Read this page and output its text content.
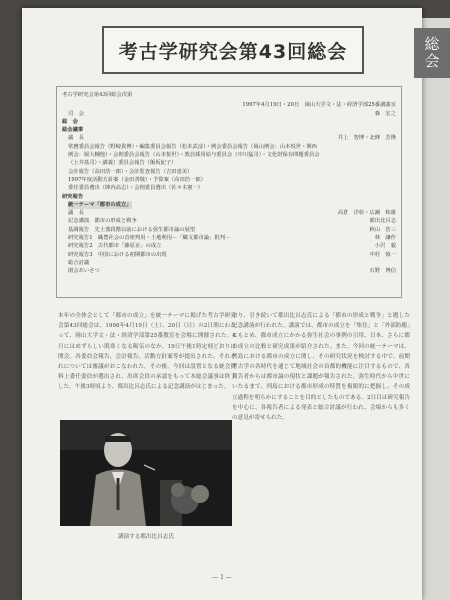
考古学研究会第43回総会
考古学研究会第43回総会次第
1997年4月19日・20日　岡山大学文・法・経済学部25番講義室
司　会	森　宏之
総　会
総会議事
議　長	井上　智博・北條　芳隆
常務委員会報告（野崎貴博）・編集委員会報告（松本武彦）・例会委員会報告（岡山例会：山本悦世・関西
例会：堀大輔他）・会則委員会報告（山本悦世）・教員採用給与委員会（中川猛司）・文化財保存問題委員会
（土井基司）・講義）委員会報告（飯坂紀子）
会計報告（高田浩一郎）・会計監査報告（吉田恵美）
1997年度活動方針案（金田善敬）・予算案（高田浩一郎）
委任委員選出（陣内高志）・会則委員選出（佐々木憲一）
研究報告
統一テーマ「都市の成立」
議　長	高倉　洋彰・広瀬　和雄
記念講演　都市の形成と戦争	都出比呂志
基調報告　先土器段階以前における弥生都市論の展望	秋山　浩三
研究報告1　織豊社会の首座判用・土地利用－「織文都市論」批判－	林　謙作
研究報告2　古代都市「藤原京」の成立	小沢　毅
研究報告3　中国における初期都市の出現	中村　慎一
総合討議
閉会あいさつ	石野　博信
本年の全体会として「都市の成立」を統一テーマに掲げた考古学研究会第43回総会は、1998年4月19日（土）、20日（日）の2日間にわたって、岡山大学文・法・経済学部第25番教室を会場に開催された。4月にはめずらしい肌寒くなる陽気のなか、19日午後1時定刻どおりに開会。各委員会報告、会計報告、活動方針案等が提出された。それぞれについては審議がおこなわれた。その後、今回は設置となる統会資料上委任委員が選出され、出席会員の承認をもって本総会議事は終了した。午後3時頃より、都出比呂志氏による記念講演がはじまった。
おり、引き続いて都出比呂志氏による「都市の形成と戦争」と題した記念講演が行われた。講演では、都市の成立を「集住」と「外部防衛」にもとめ、都市成立にかかる弥生社会の事例の引用、日本、さらに都市成立の比較と研究成果が紹介された。また、今回の統一テーマは、列島における都市の成立に関し、その研究状況を検討する中で、前期考古学の各時代を通じて地域社会の首都的機能に注目するもので、各報告者からは都市論の現状と課題が報告された。弥生時代から中世にいたるまで、列島における都市形成の特質を複眼的に把握し、その成立過程を明らかにすることを目的としたものである。2日目は研究報告を中心に、各報告者による発表と総合討議が行われ、会場からも多くの意見が寄せられた。
講演する都出比呂志氏
— 1 —
総会
